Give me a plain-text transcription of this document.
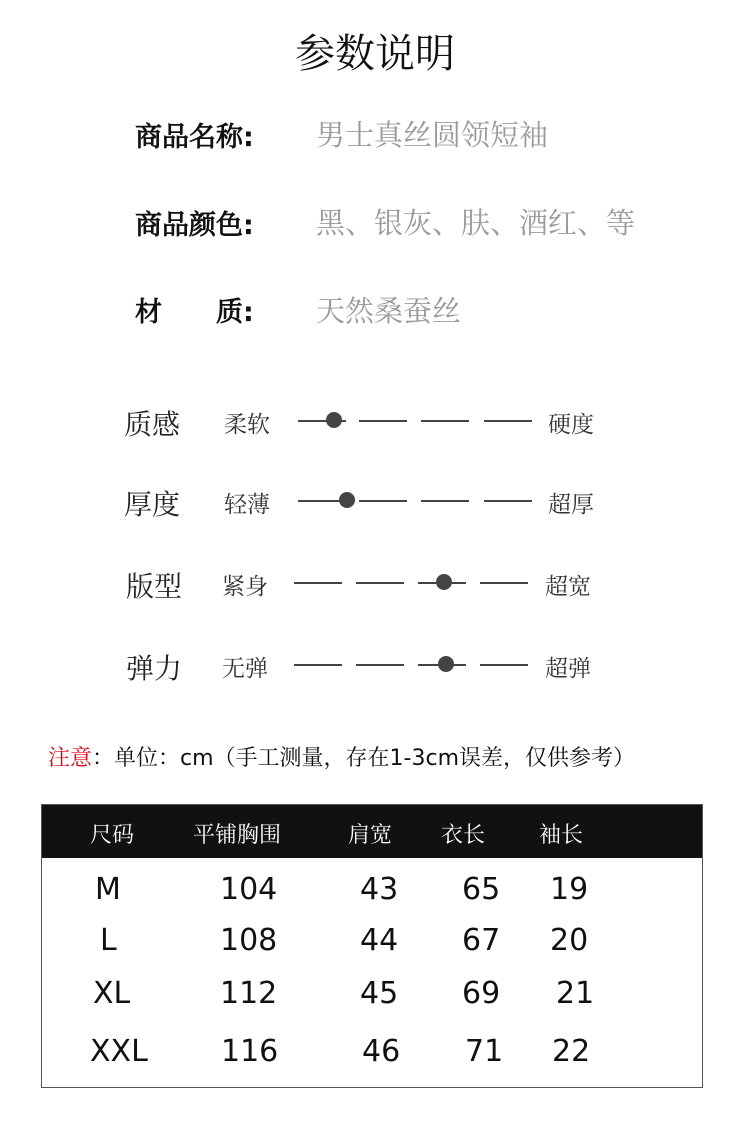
参数说明
商品名称: 男士真丝圆领短袖
商品颜色: 黑、银灰、肤、酒红、等
材　　质: 天然桑蚕丝
质感 柔软	硬度
厚度 轻薄	超厚
版型 紧身	超宽
弹力 无弹	超弹
注意：单位：cm（手工测量，存在1-3cm误差，仅供参考）
尺码	平铺胸围	肩宽 衣长 袖长
M	104	43 65 19
L	108	44 67 20
XL	112	45 69 21
XXL 116	46 71 22
